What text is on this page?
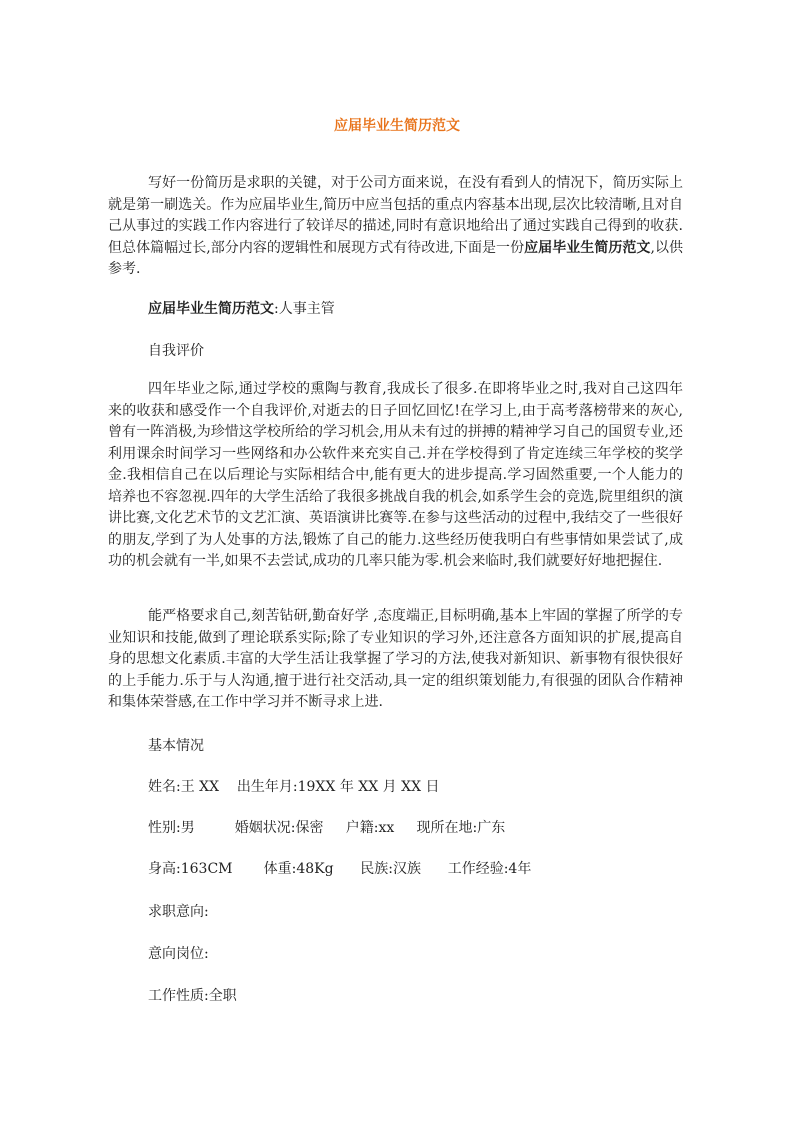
应届毕业生简历范文

写好一份简历是求职的关键，对于公司方面来说，在没有看到人的情况下，简历实际上就是第一刷选关。作为应届毕业生,简历中应当包括的重点内容基本出现,层次比较清晰,且对自己从事过的实践工作内容进行了较详尽的描述,同时有意识地给出了通过实践自己得到的收获.但总体篇幅过长,部分内容的逻辑性和展现方式有待改进,下面是一份应届毕业生简历范文,以供参考.

应届毕业生简历范文:人事主管

自我评价

四年毕业之际,通过学校的熏陶与教育,我成长了很多.在即将毕业之时,我对自己这四年来的收获和感受作一个自我评价,对逝去的日子回忆回忆!在学习上,由于高考落榜带来的灰心,曾有一阵消极,为珍惜这学校所给的学习机会,用从未有过的拼搏的精神学习自己的国贸专业,还利用课余时间学习一些网络和办公软件来充实自己.并在学校得到了肯定连续三年学校的奖学金.我相信自己在以后理论与实际相结合中,能有更大的进步提高.学习固然重要,一个人能力的培养也不容忽视.四年的大学生活给了我很多挑战自我的机会,如系学生会的竞选,院里组织的演讲比赛,文化艺术节的文艺汇演、英语演讲比赛等.在参与这些活动的过程中,我结交了一些很好的朋友,学到了为人处事的方法,锻炼了自己的能力.这些经历使我明白有些事情如果尝试了,成功的机会就有一半,如果不去尝试,成功的几率只能为零.机会来临时,我们就要好好地把握住.

能严格要求自己,刻苦钻研,勤奋好学 ,态度端正,目标明确,基本上牢固的掌握了所学的专业知识和技能,做到了理论联系实际;除了专业知识的学习外,还注意各方面知识的扩展,提高自身的思想文化素质.丰富的大学生活让我掌握了学习的方法,使我对新知识、新事物有很快很好的上手能力.乐于与人沟通,擅于进行社交活动,具一定的组织策划能力,有很强的团队合作精神和集体荣誉感,在工作中学习并不断寻求上进.

基本情况

姓名:王 XX    出生年月:19XX 年 XX 月 XX 日

性别:男         婚姻状况:保密     户籍:xx     现所在地:广东

身高:163CM       体重:48Kg      民族:汉族      工作经验:4年

求职意向:

意向岗位:

工作性质:全职
